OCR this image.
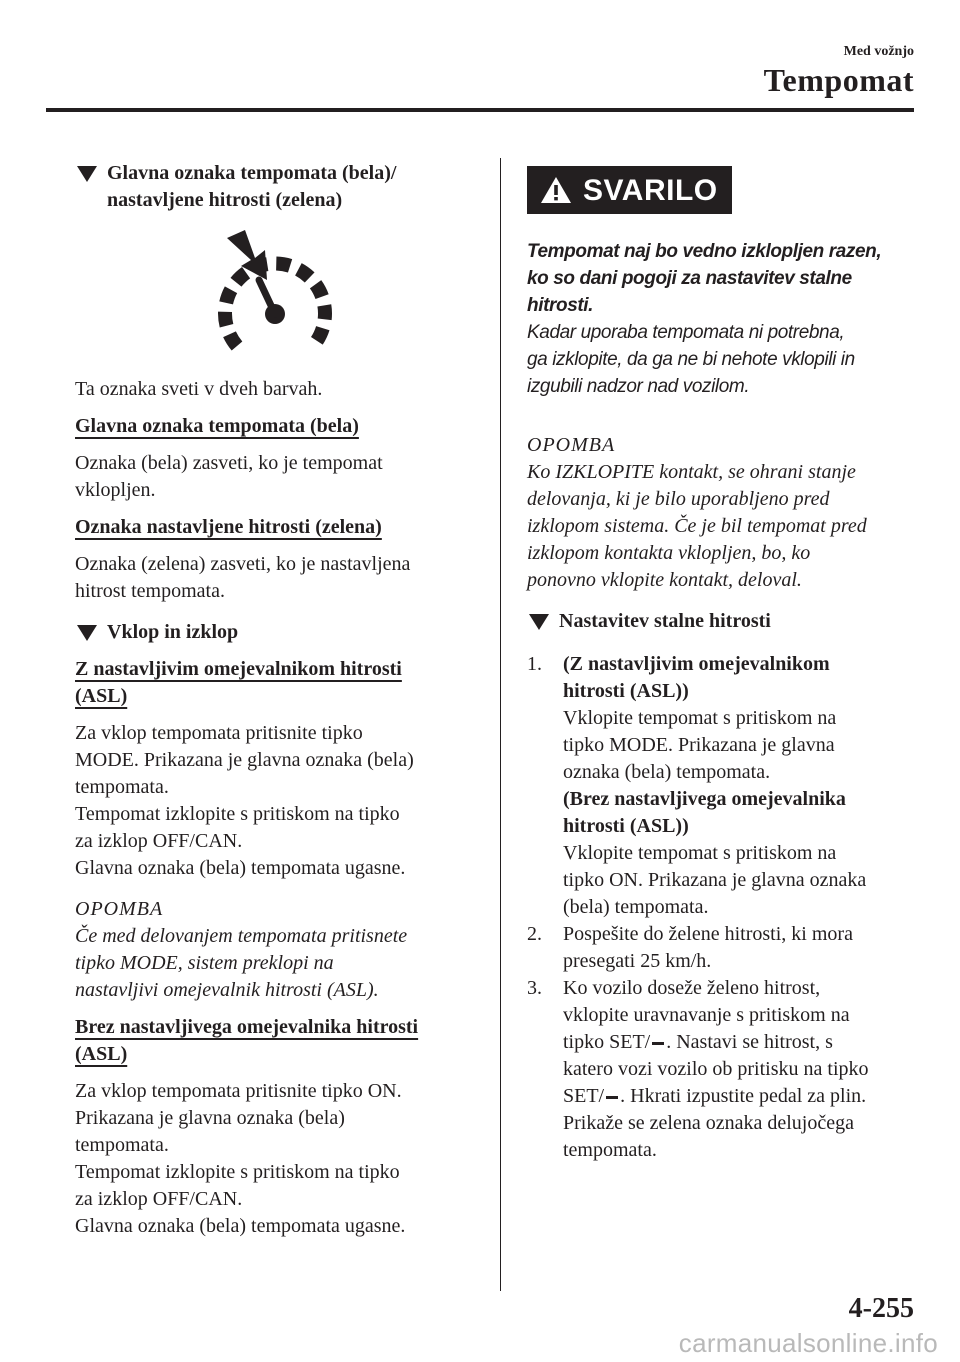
Med vožnjo
Tempomat
Glavna oznaka tempomata (bela)/
nastavljene hitrosti (zelena)
Ta oznaka sveti v dveh barvah.
Glavna oznaka tempomata (bela)
Oznaka (bela) zasveti, ko je tempomat
vklopljen.
Oznaka nastavljene hitrosti (zelena)
Oznaka (zelena) zasveti, ko je nastavljena
hitrost tempomata.
Vklop in izklop
Z nastavljivim omejevalnikom hitrosti
(ASL)
Za vklop tempomata pritisnite tipko
MODE. Prikazana je glavna oznaka (bela)
tempomata.
Tempomat izklopite s pritiskom na tipko
za izklop OFF/CAN.
Glavna oznaka (bela) tempomata ugasne.
OPOMBA
Če med delovanjem tempomata pritisnete
tipko MODE, sistem preklopi na
nastavljivi omejevalnik hitrosti (ASL).
Brez nastavljivega omejevalnika hitrosti
(ASL)
Za vklop tempomata pritisnite tipko ON.
Prikazana je glavna oznaka (bela)
tempomata.
Tempomat izklopite s pritiskom na tipko
za izklop OFF/CAN.
Glavna oznaka (bela) tempomata ugasne.
SVARILO
Tempomat naj bo vedno izklopljen razen,
ko so dani pogoji za nastavitev stalne
hitrosti.
Kadar uporaba tempomata ni potrebna,
ga izklopite, da ga ne bi nehote vklopili in
izgubili nadzor nad vozilom.
OPOMBA
Ko IZKLOPITE kontakt, se ohrani stanje
delovanja, ki je bilo uporabljeno pred
izklopom sistema. Če je bil tempomat pred
izklopom kontakta vklopljen, bo, ko
ponovno vklopite kontakt, deloval.
Nastavitev stalne hitrosti
1.	(Z nastavljivim omejevalnikom
hitrosti (ASL))
Vklopite tempomat s pritiskom na
tipko MODE. Prikazana je glavna
oznaka (bela) tempomata.
(Brez nastavljivega omejevalnika
hitrosti (ASL))
Vklopite tempomat s pritiskom na
tipko ON. Prikazana je glavna oznaka
(bela) tempomata.
2.	Pospešite do želene hitrosti, ki mora
presegati 25 km/h.
3.	Ko vozilo doseže želeno hitrost,
vklopite uravnavanje s pritiskom na
tipko SET/ . Nastavi se hitrost, s
katero vozi vozilo ob pritisku na tipko
SET/ . Hkrati izpustite pedal za plin.
Prikaže se zelena oznaka delujočega
tempomata.
4-255
carmanualsonline.info
